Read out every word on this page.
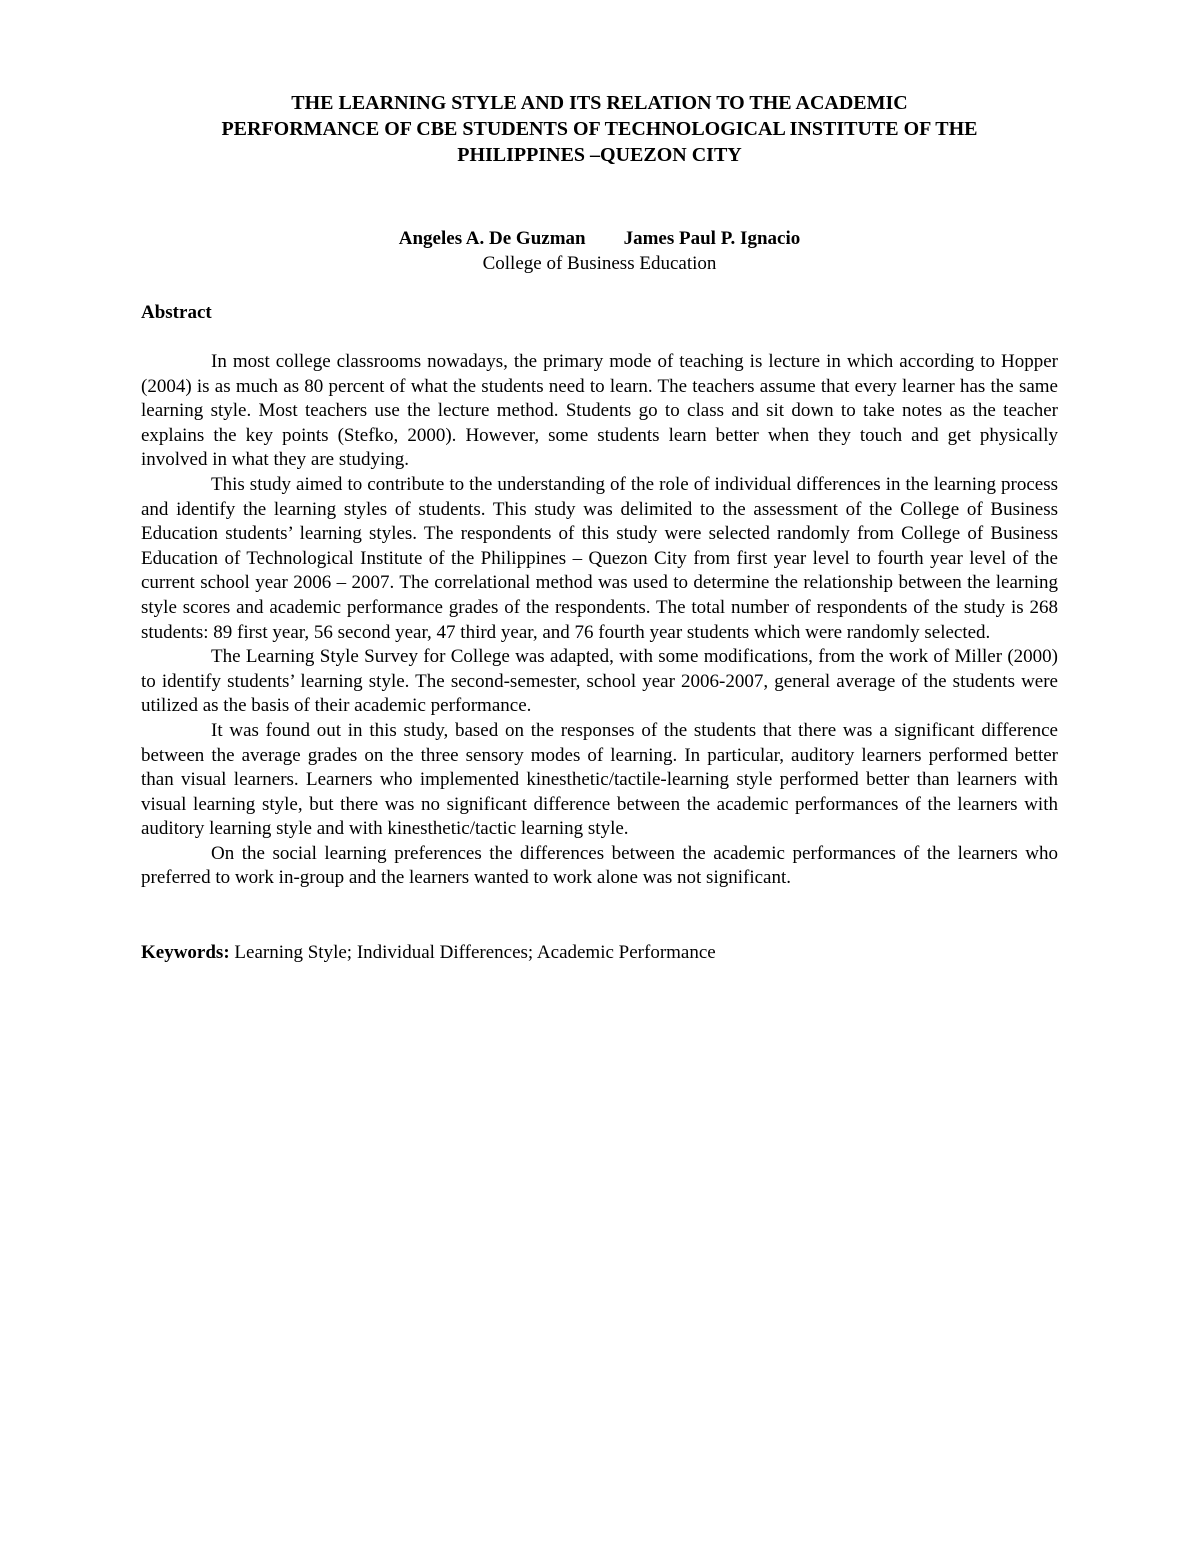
THE LEARNING STYLE AND ITS RELATION TO THE ACADEMIC
PERFORMANCE OF CBE STUDENTS OF TECHNOLOGICAL INSTITUTE OF THE
PHILIPPINES –QUEZON CITY
Angeles A. De Guzman James Paul P. Ignacio
College of Business Education
Abstract

In most college classrooms nowadays, the primary mode of teaching is lecture in which according to Hopper (2004) is as much as 80 percent of what the students need to learn. The teachers assume that every learner has the same learning style. Most teachers use the lecture method. Students go to class and sit down to take notes as the teacher explains the key points (Stefko, 2000). However, some students learn better when they touch and get physically involved in what they are studying.

This study aimed to contribute to the understanding of the role of individual differences in the learning process and identify the learning styles of students. This study was delimited to the assessment of the College of Business Education students’ learning styles. The respondents of this study were selected randomly from College of Business Education of Technological Institute of the Philippines – Quezon City from first year level to fourth year level of the current school year 2006 – 2007. The correlational method was used to determine the relationship between the learning style scores and academic performance grades of the respondents. The total number of respondents of the study is 268 students: 89 first year, 56 second year, 47 third year, and 76 fourth year students which were randomly selected.

The Learning Style Survey for College was adapted, with some modifications, from the work of Miller (2000) to identify students’ learning style. The second-semester, school year 2006-2007, general average of the students were utilized as the basis of their academic performance.

It was found out in this study, based on the responses of the students that there was a significant difference between the average grades on the three sensory modes of learning. In particular, auditory learners performed better than visual learners. Learners who implemented kinesthetic/tactile-learning style performed better than learners with visual learning style, but there was no significant difference between the academic performances of the learners with auditory learning style and with kinesthetic/tactic learning style.

On the social learning preferences the differences between the academic performances of the learners who preferred to work in-group and the learners wanted to work alone was not significant.

Keywords: Learning Style; Individual Differences; Academic Performance
